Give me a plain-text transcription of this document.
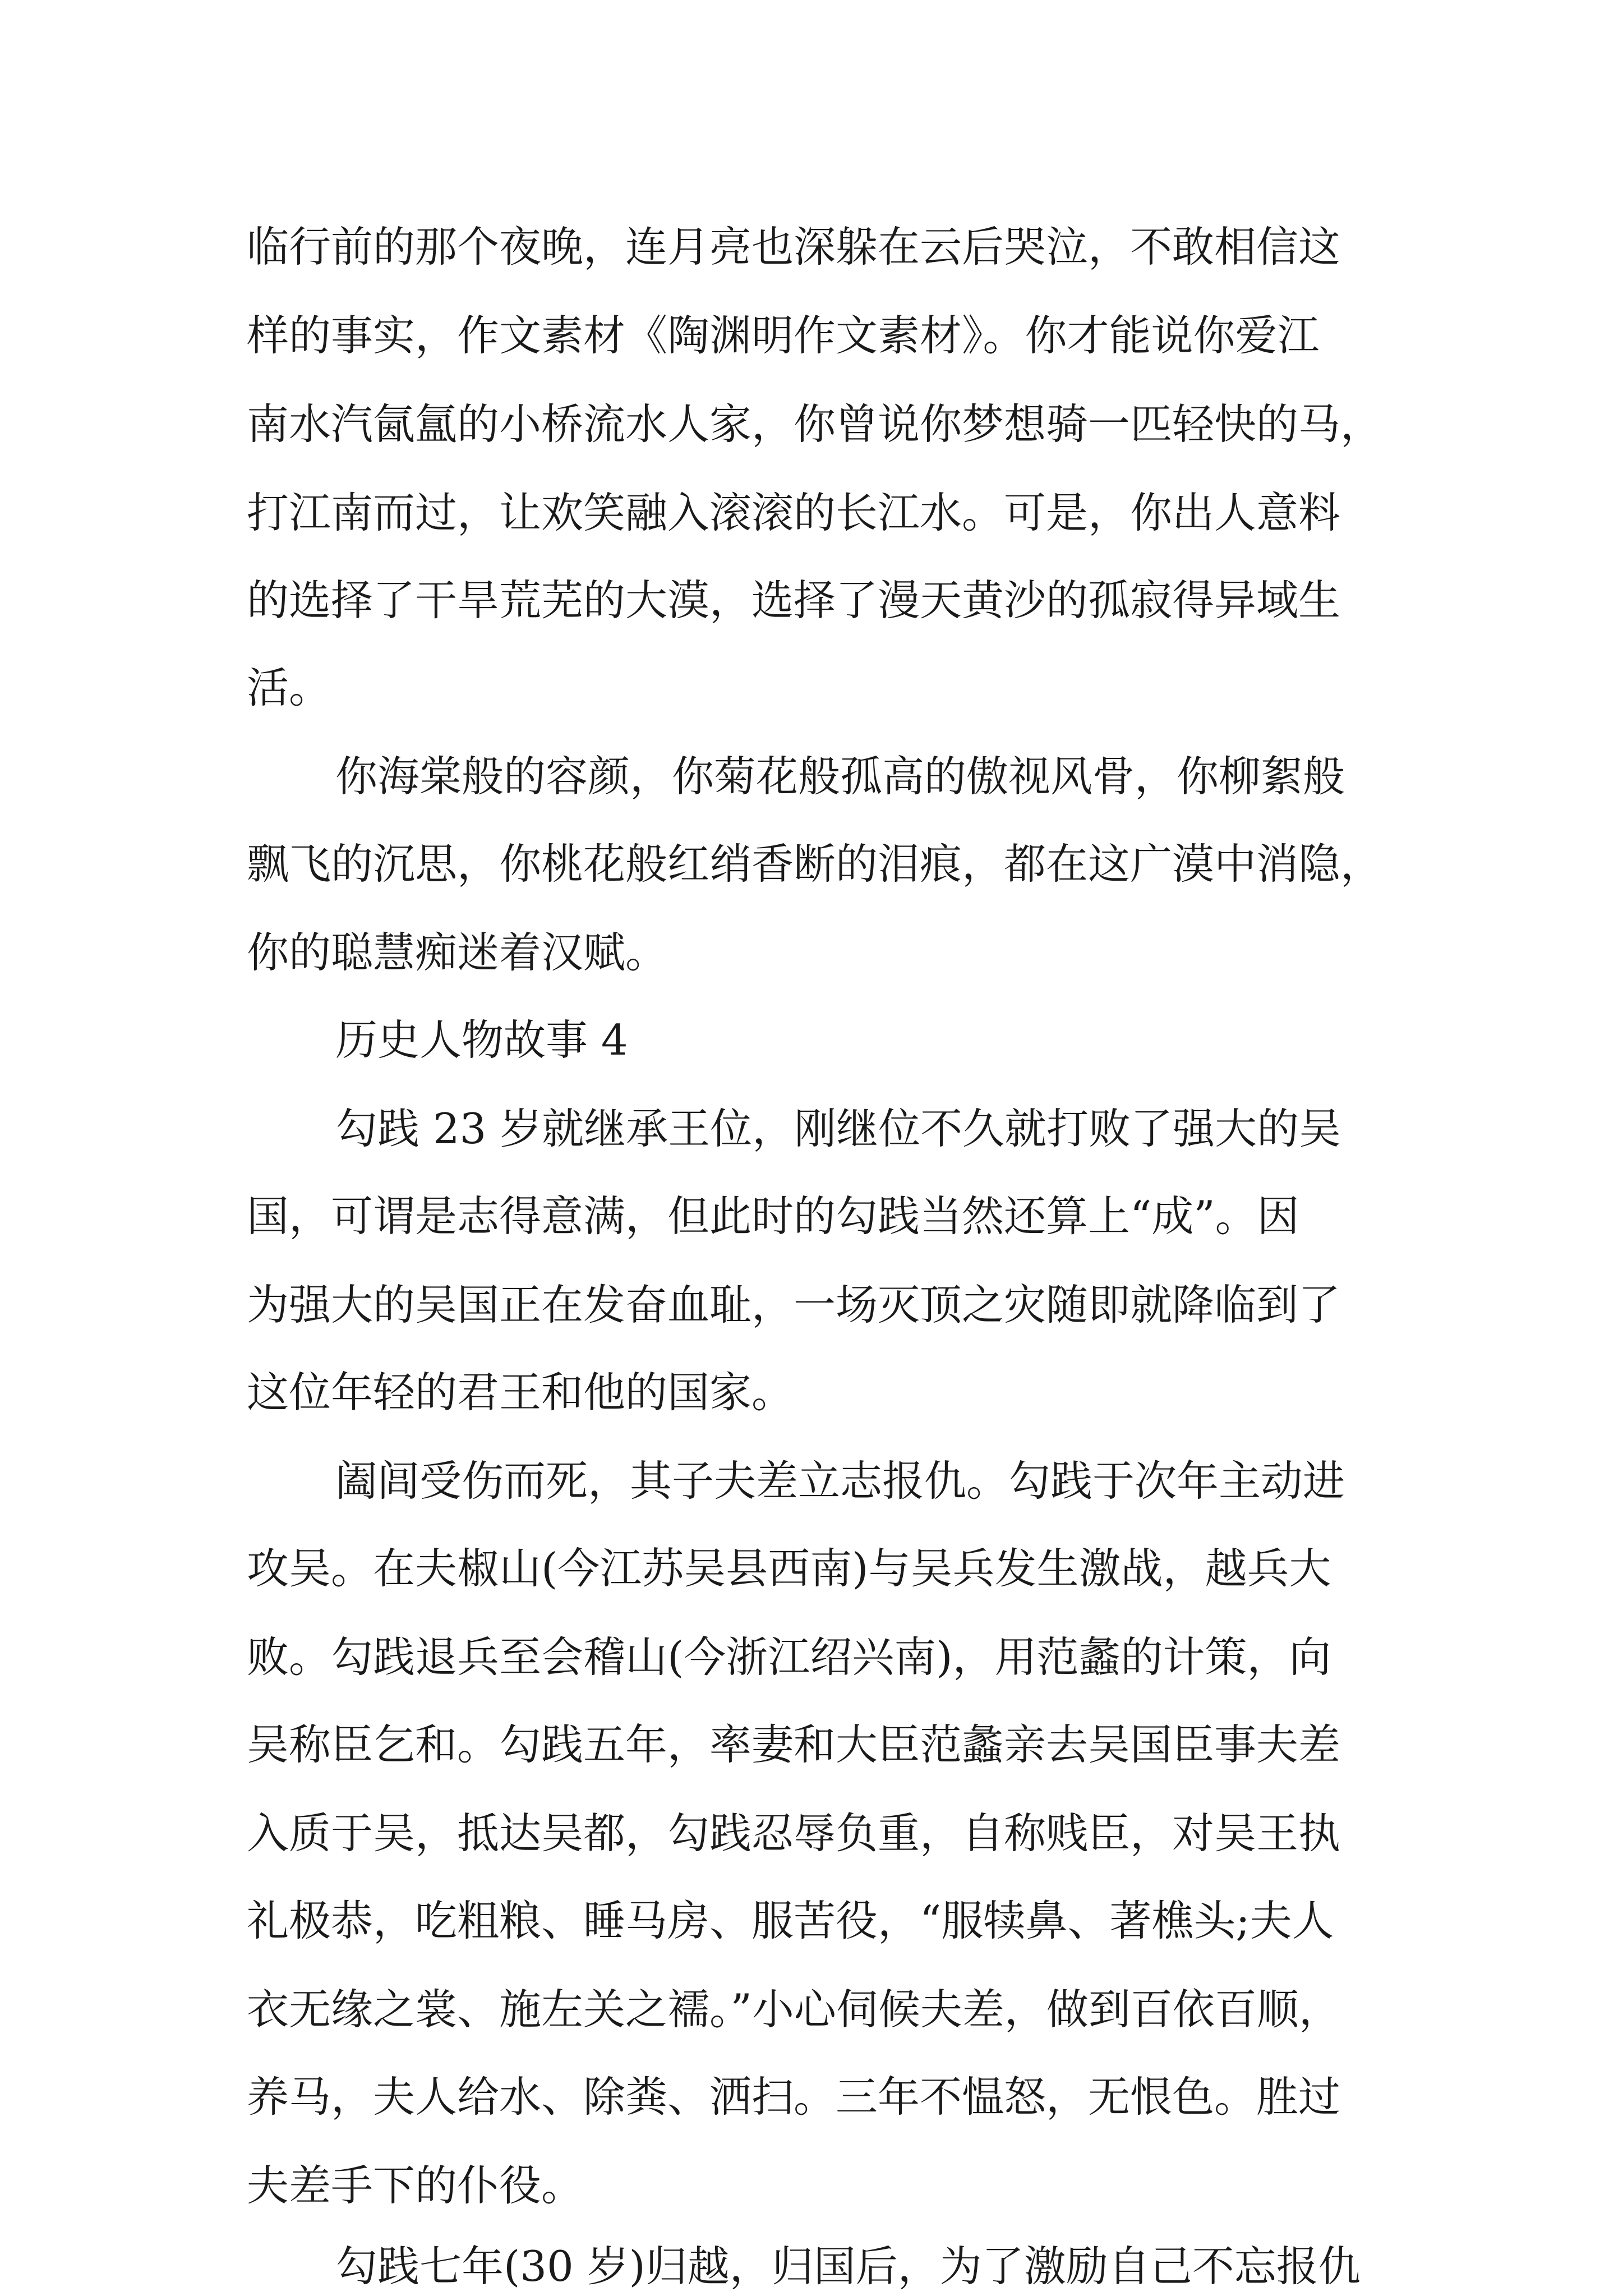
临行前的那个夜晚，连月亮也深躲在云后哭泣，不敢相信这
样的事实，作文素材《陶渊明作文素材》。你才能说你爱江
南水汽氤氲的小桥流水人家，你曾说你梦想骑一匹轻快的马，
打江南而过，让欢笑融入滚滚的长江水。可是，你出人意料
的选择了干旱荒芜的大漠，选择了漫天黄沙的孤寂得异域生
活。
你海棠般的容颜，你菊花般孤高的傲视风骨，你柳絮般
飘飞的沉思，你桃花般红绡香断的泪痕，都在这广漠中消隐，
你的聪慧痴迷着汉赋。
历史人物故事 4
勾践 23 岁就继承王位，刚继位不久就打败了强大的吴
国，可谓是志得意满，但此时的勾践当然还算上“成”。因
为强大的吴国正在发奋血耻，一场灭顶之灾随即就降临到了
这位年轻的君王和他的国家。
阖闾受伤而死，其子夫差立志报仇。勾践于次年主动进
攻吴。在夫椒山(今江苏吴县西南)与吴兵发生激战，越兵大
败。勾践退兵至会稽山(今浙江绍兴南)，用范蠡的计策，向
吴称臣乞和。勾践五年，率妻和大臣范蠡亲去吴国臣事夫差
入质于吴，抵达吴都，勾践忍辱负重，自称贱臣，对吴王执
礼极恭，吃粗粮、睡马房、服苦役，“服犊鼻、著樵头;夫人
衣无缘之裳、施左关之襦。”小心伺候夫差，做到百依百顺，
养马，夫人给水、除粪、洒扫。三年不愠怒，无恨色。胜过
夫差手下的仆役。
勾践七年(30 岁)归越，归国后，为了激励自己不忘报仇
